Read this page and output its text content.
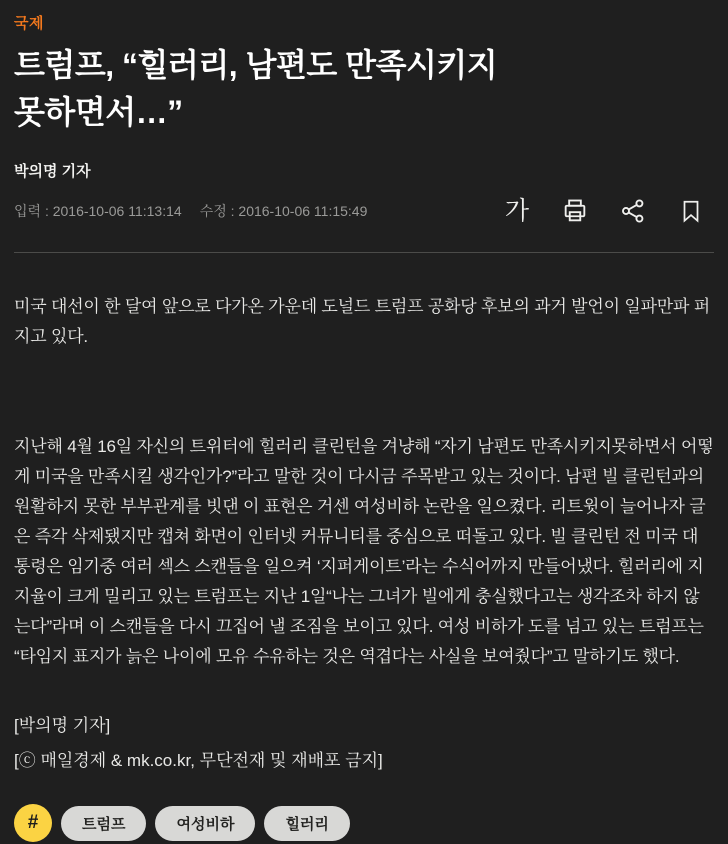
국제
트럼프, “힐러리, 남편도 만족시키지 못하면서…”
박의명 기자
입력 : 2016-10-06 11:13:14 수정 : 2016-10-06 11:15:49	가

미국 대선이 한 달여 앞으로 다가온 가운데 도널드 트럼프 공화당 후보의 과거 발언이 일파만파 퍼지고 있다.

지난해 4월 16일 자신의 트위터에 힐러리 클린턴을 겨냥해 “자기 남편도 만족시키지못하면서 어떻게 미국을 만족시킬 생각인가?”라고 말한 것이 다시금 주목받고 있는 것이다. 남편 빌 클린턴과의 원활하지 못한 부부관계를 빗댄 이 표현은 거센 여성비하 논란을 일으켰다. 리트윗이 늘어나자 글은 즉각 삭제됐지만 캡쳐 화면이 인터넷 커뮤니티를 중심으로 떠돌고 있다. 빌 클린턴 전 미국 대통령은 임기중 여러 섹스 스캔들을 일으켜 ‘지퍼게이트’라는 수식어까지 만들어냈다. 힐러리에 지지율이 크게 밀리고 있는 트럼프는 지난 1일“나는 그녀가 빌에게 충실했다고는 생각조차 하지 않는다”라며 이 스캔들을 다시 끄집어 낼 조짐을 보이고 있다. 여성 비하가 도를 넘고 있는 트럼프는 “타임지 표지가 늙은 나이에 모유 수유하는 것은 역겹다는 사실을 보여줬다”고 말하기도 했다.

[박의명 기자]
[ⓒ 매일경제 & mk.co.kr, 무단전재 및 재배포 금지]
#	트럼프	여성비하	힐러리
